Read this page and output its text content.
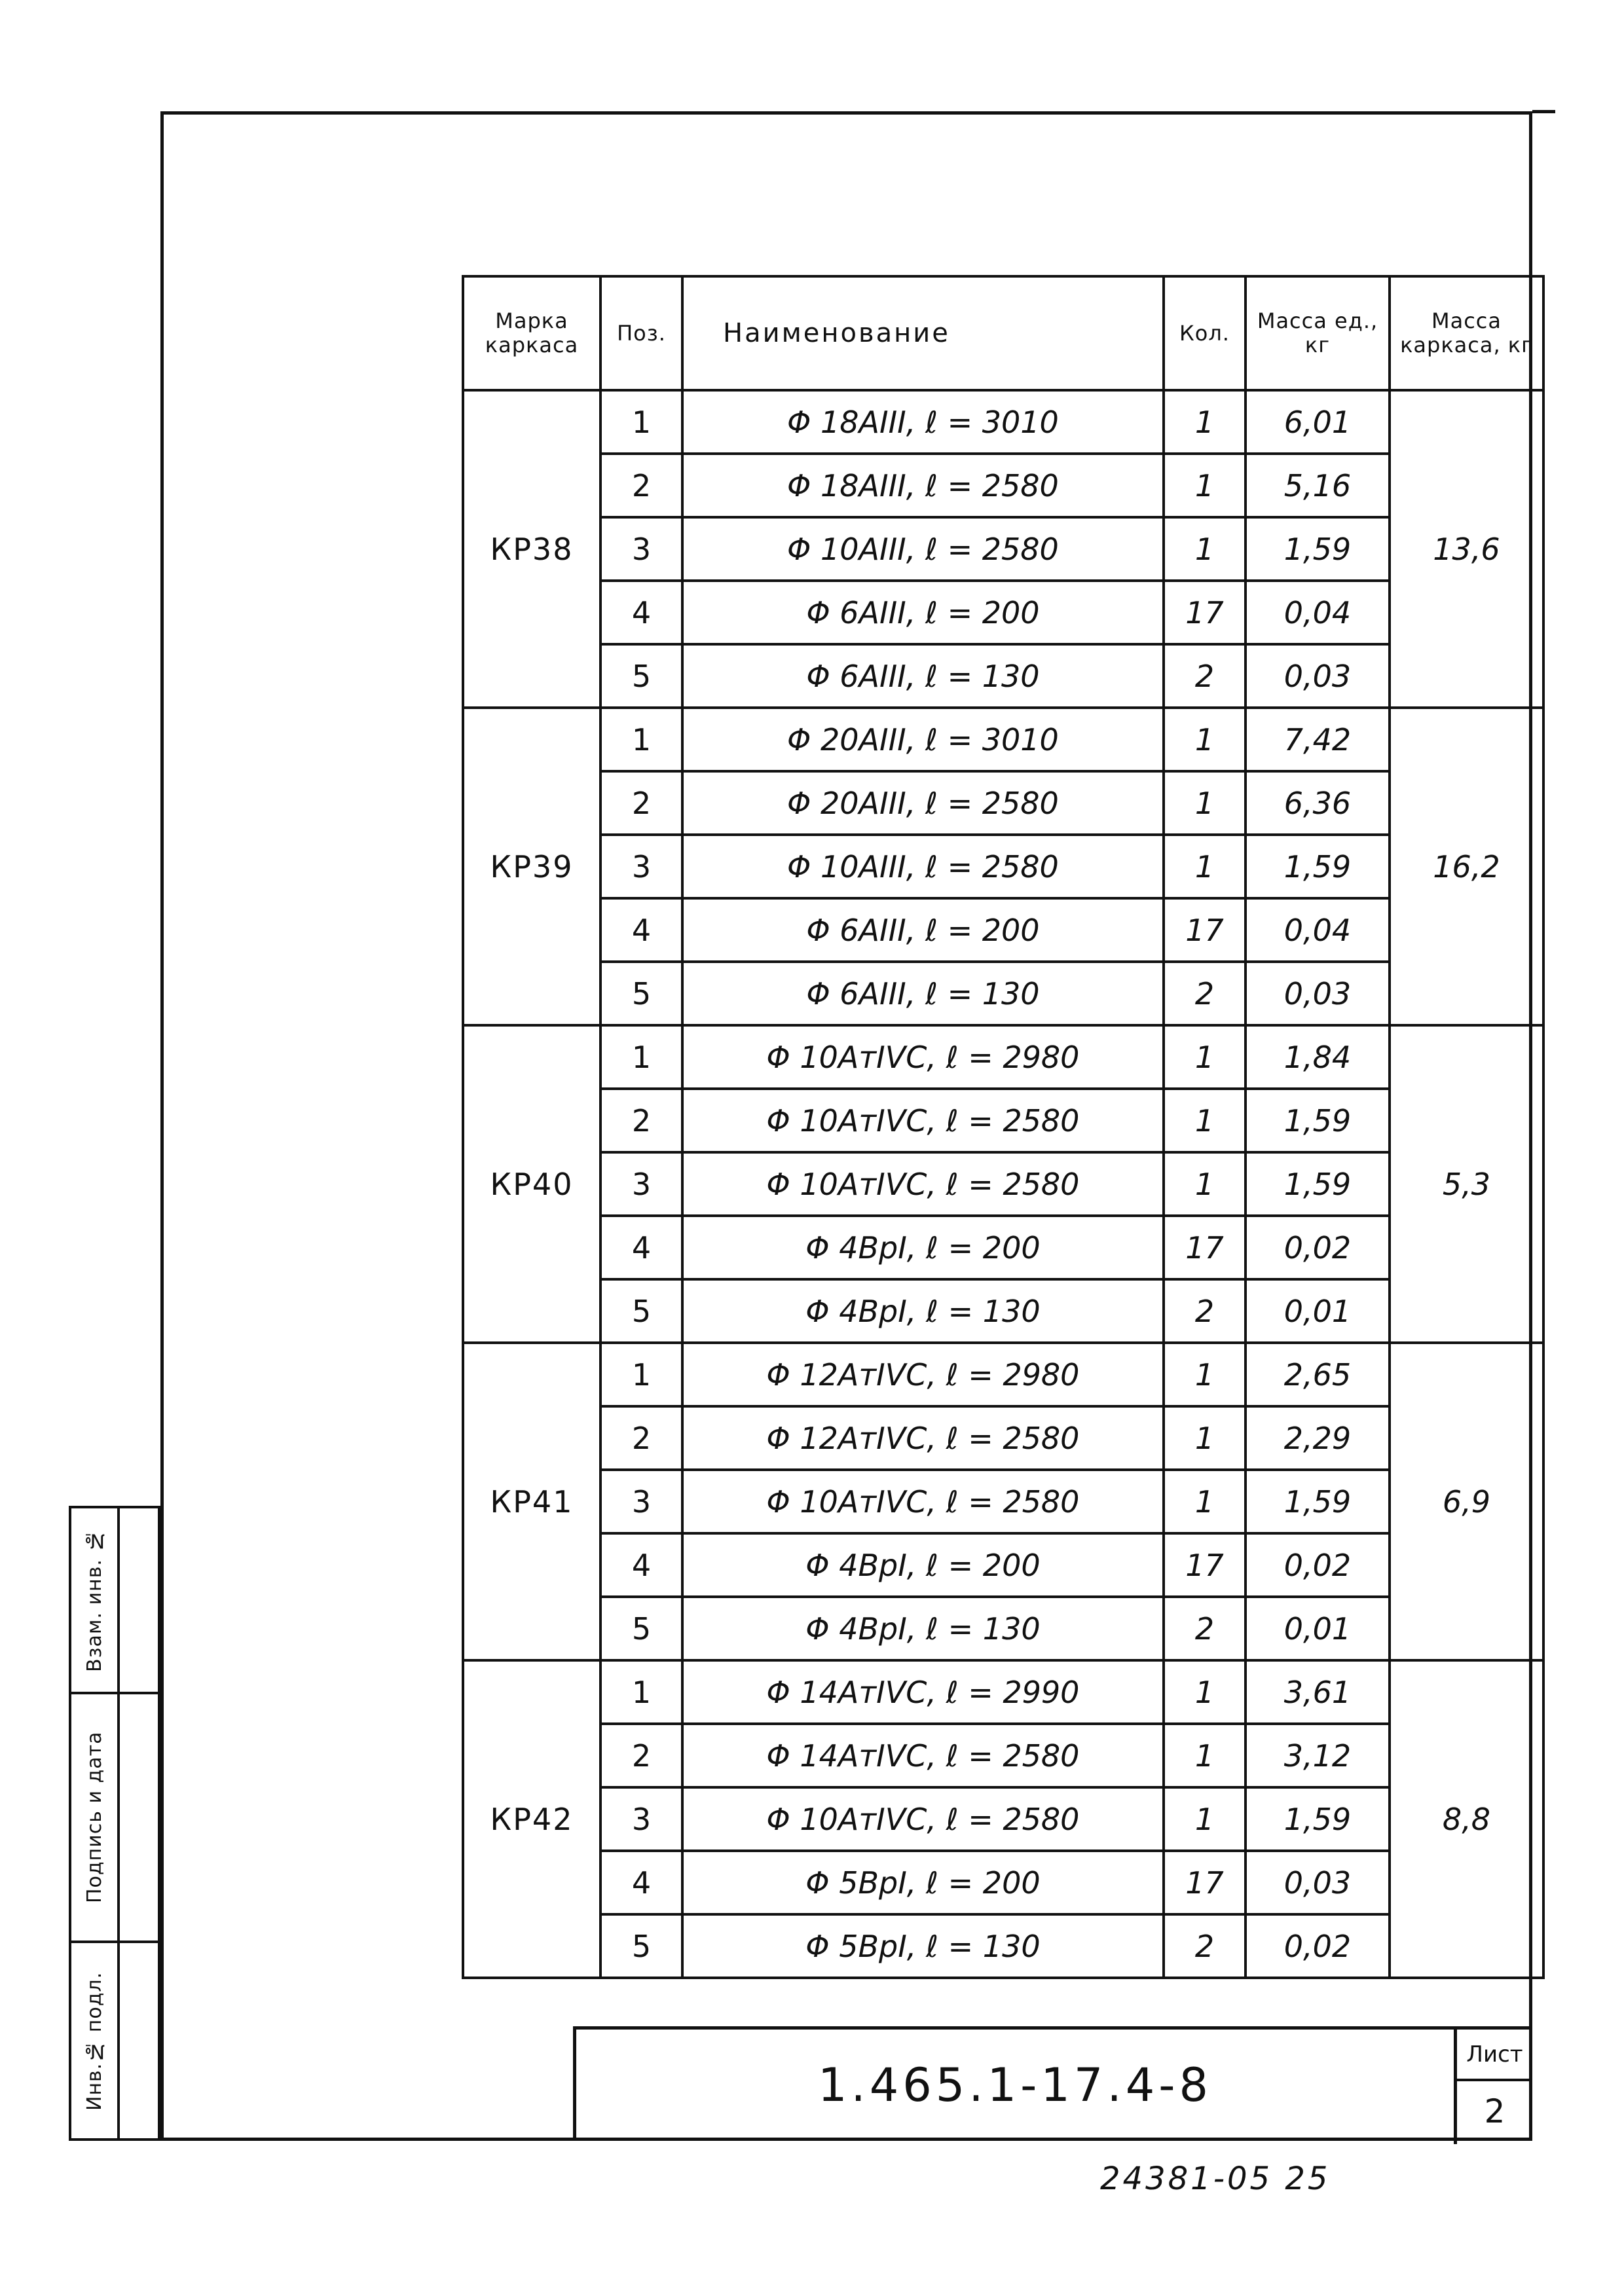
Взам. инв. №
Подпись и дата
Инв.№ подл.
Марка каркаса	Поз.	Наименование	Кол.	Масса ед., кг	Масса каркаса, кг
КР38	1	Φ 18AIII, ℓ = 3010	1	6,01	13,6
	2	Φ 18AIII, ℓ = 2580	1	5,16	
	3	Φ 10AIII, ℓ = 2580	1	1,59	
	4	Φ 6AIII, ℓ = 200	17	0,04	
	5	Φ 6AIII, ℓ = 130	2	0,03	
КР39	1	Φ 20AIII, ℓ = 3010	1	7,42	16,2
	2	Φ 20AIII, ℓ = 2580	1	6,36	
	3	Φ 10AIII, ℓ = 2580	1	1,59	
	4	Φ 6AIII, ℓ = 200	17	0,04	
	5	Φ 6AIII, ℓ = 130	2	0,03	
КР40	1	Φ 10AтIVС, ℓ = 2980	1	1,84	5,3
	2	Φ 10AтIVС, ℓ = 2580	1	1,59	
	3	Φ 10AтIVС, ℓ = 2580	1	1,59	
	4	Φ 4ВрI, ℓ = 200	17	0,02	
	5	Φ 4ВрI, ℓ = 130	2	0,01	
КР41	1	Φ 12AтIVС, ℓ = 2980	1	2,65	6,9
	2	Φ 12AтIVС, ℓ = 2580	1	2,29	
	3	Φ 10AтIVС, ℓ = 2580	1	1,59	
	4	Φ 4ВрI, ℓ = 200	17	0,02	
	5	Φ 4ВрI, ℓ = 130	2	0,01	
КР42	1	Φ 14AтIVС, ℓ = 2990	1	3,61	8,8
	2	Φ 14AтIVС, ℓ = 2580	1	3,12	
	3	Φ 10AтIVС, ℓ = 2580	1	1,59	
	4	Φ 5ВрI, ℓ = 200	17	0,03	
	5	Φ 5ВрI, ℓ = 130	2	0,02	
1.465.1-17.4-8
Лист
2
24381-05 25
